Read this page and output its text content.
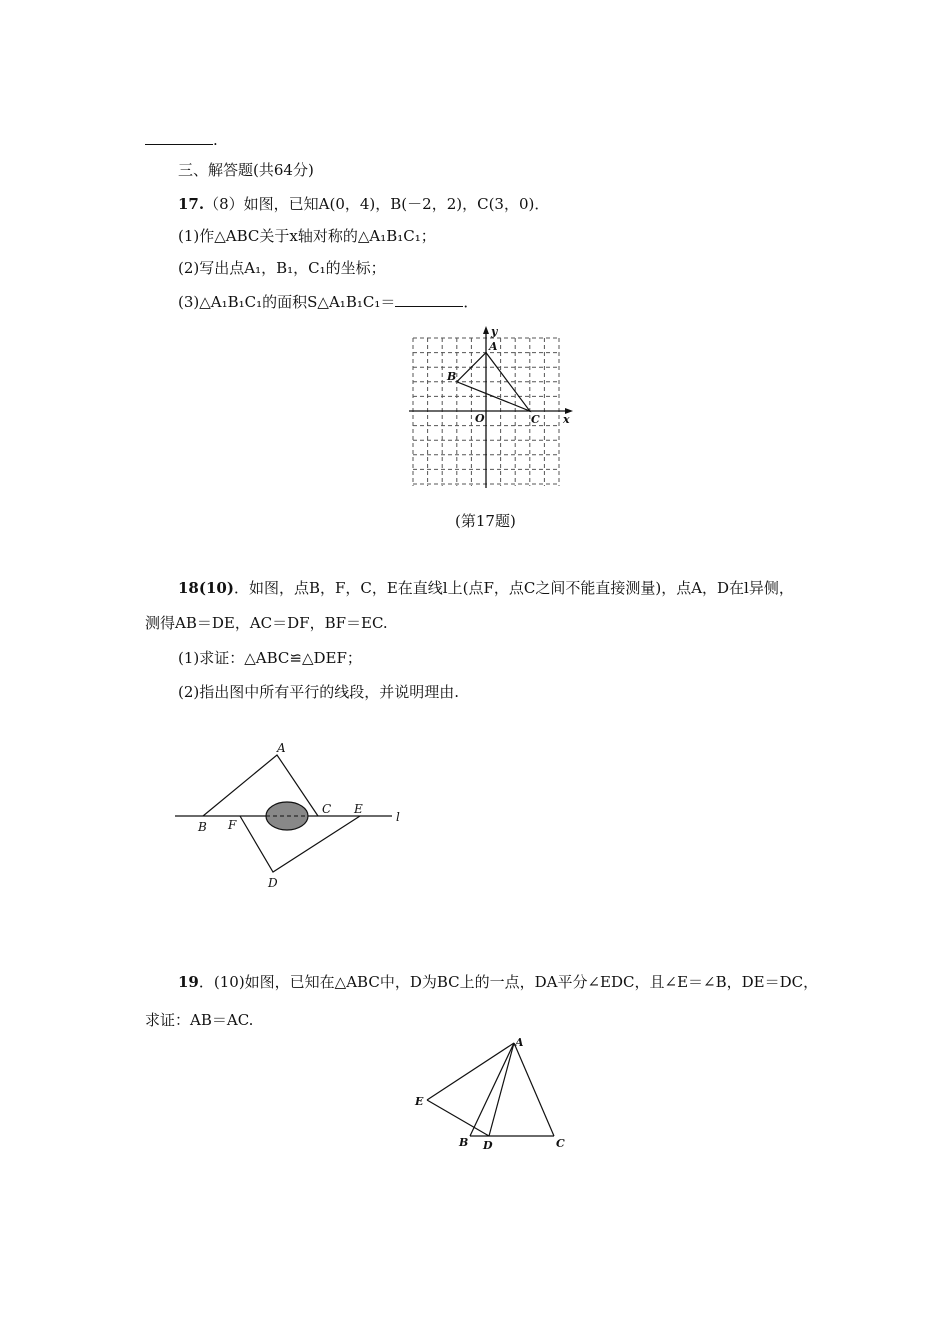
.
三、解答题(共64分)
17.（8）如图，已知A(0，4)，B(－2，2)，C(3，0)．
(1)作△ABC关于x轴对称的△A₁B₁C₁；
(2)写出点A₁，B₁，C₁的坐标；
(3)△A₁B₁C₁的面积S△A₁B₁C₁＝	．
y
x
A
B
C
O
(第17题)
18(10)．如图，点B，F，C，E在直线l上(点F，点C之间不能直接测量)，点A，D在l异侧，
测得AB＝DE，AC＝DF，BF＝EC.
(1)求证：△ABC≌△DEF；
(2)指出图中所有平行的线段，并说明理由.
A
B F
C E
D
l
19．(10)如图，已知在△ABC中，D为BC上的一点，DA平分∠EDC，且∠E＝∠B，DE＝DC，
求证：AB＝AC.
A
E
B D	C
